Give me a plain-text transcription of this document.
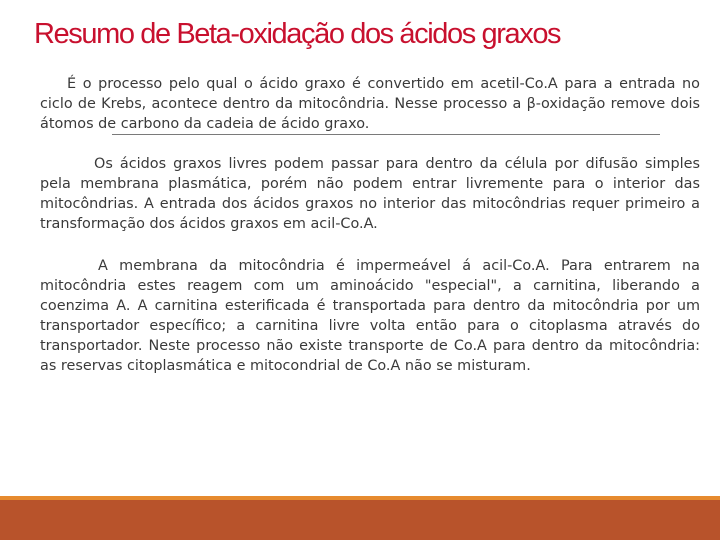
Resumo de Beta-oxidação dos ácidos graxos

É o processo pelo qual o ácido graxo é convertido em acetil-Co.A para a entrada no ciclo de Krebs, acontece dentro da mitocôndria. Nesse processo a β-oxidação remove dois átomos de carbono da cadeia de ácido graxo.

Os ácidos graxos livres podem passar para dentro da célula por difusão simples pela membrana plasmática, porém não podem entrar livremente para o interior das mitocôndrias. A entrada dos ácidos graxos no interior das mitocôndrias requer primeiro a transformação dos ácidos graxos em acil-Co.A.

A membrana da mitocôndria é impermeável á acil-Co.A. Para entrarem na mitocôndria estes reagem com um aminoácido "especial", a carnitina, liberando a coenzima A. A carnitina esterificada é transportada para dentro da mitocôndria por um transportador específico; a carnitina livre volta então para o citoplasma através do transportador. Neste processo não existe transporte de Co.A para dentro da mitocôndria: as reservas citoplasmática e mitocondrial de Co.A não se misturam.
